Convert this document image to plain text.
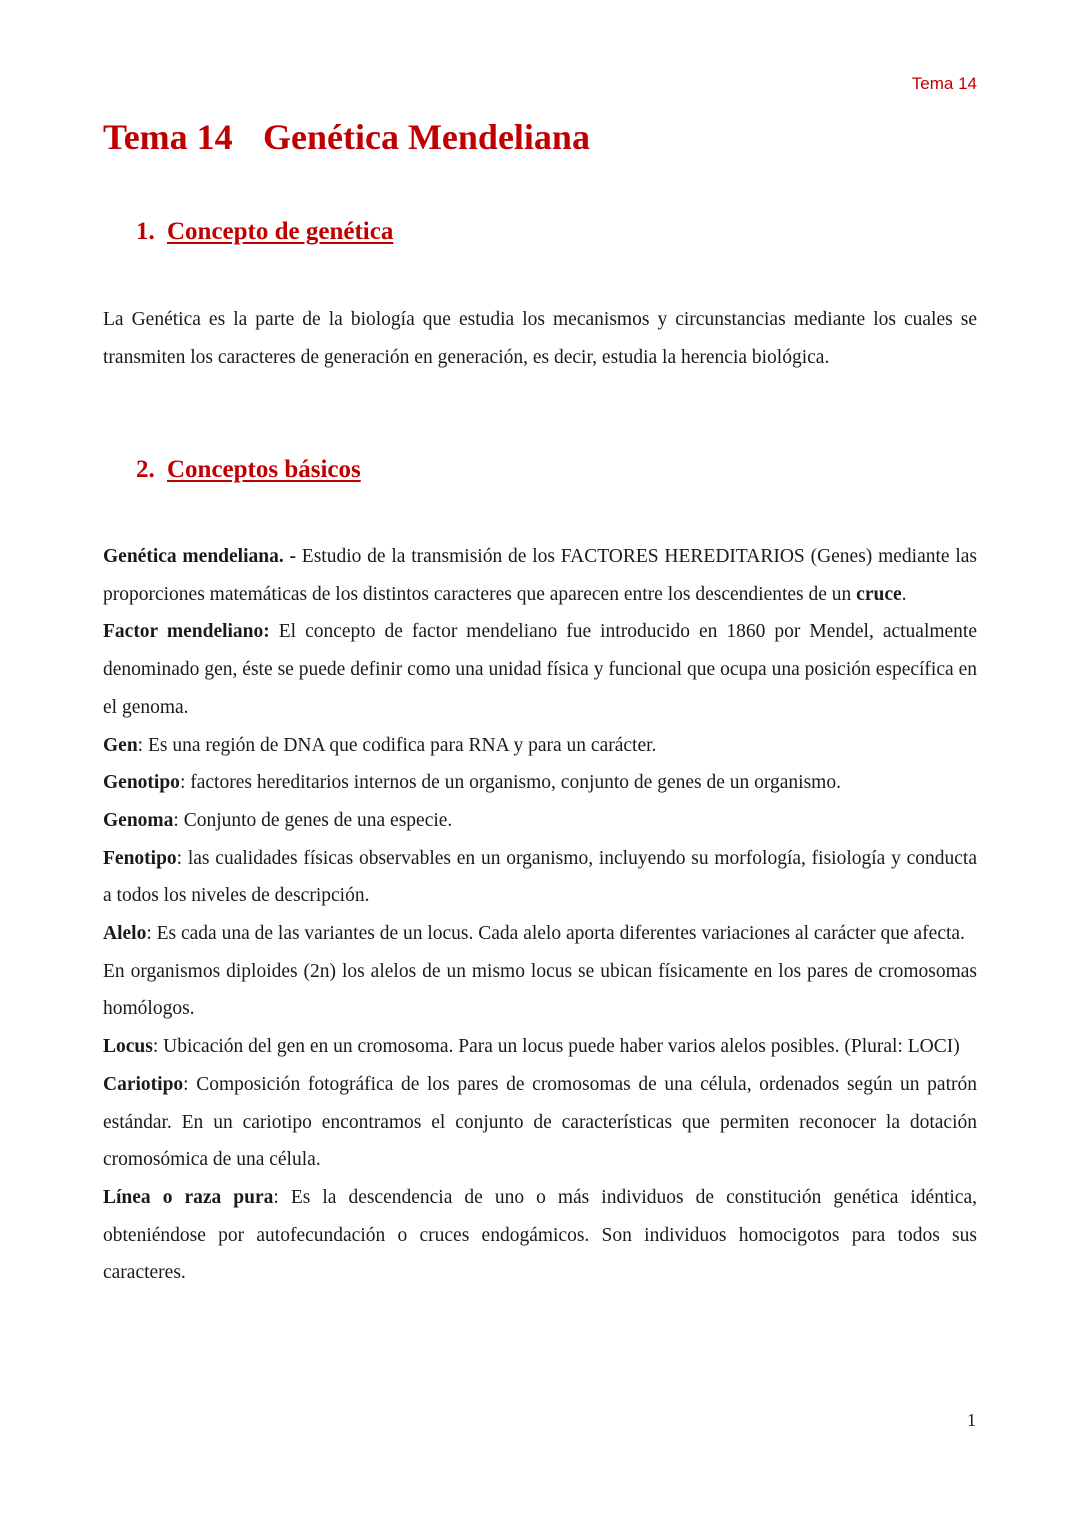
Tema 14
Tema 14 Genética Mendeliana
1. Concepto de genética

La Genética es la parte de la biología que estudia los mecanismos y circunstancias mediante los cuales se transmiten los caracteres de generación en generación, es decir, estudia la herencia biológica.

2. Conceptos básicos

Genética mendeliana. - Estudio de la transmisión de los FACTORES HEREDITARIOS (Genes) mediante las proporciones matemáticas de los distintos caracteres que aparecen entre los descendientes de un cruce.

Factor mendeliano: El concepto de factor mendeliano fue introducido en 1860 por Mendel, actualmente denominado gen, éste se puede definir como una unidad física y funcional que ocupa una posición específica en el genoma.

Gen: Es una región de DNA que codifica para RNA y para un carácter.

Genotipo: factores hereditarios internos de un organismo, conjunto de genes de un organismo.

Genoma: Conjunto de genes de una especie.

Fenotipo: las cualidades físicas observables en un organismo, incluyendo su morfología, fisiología y conducta a todos los niveles de descripción.

Alelo: Es cada una de las variantes de un locus. Cada alelo aporta diferentes variaciones al carácter que afecta.

En organismos diploides (2n) los alelos de un mismo locus se ubican físicamente en los pares de cromosomas homólogos.

Locus: Ubicación del gen en un cromosoma. Para un locus puede haber varios alelos posibles. (Plural: LOCI)

Cariotipo: Composición fotográfica de los pares de cromosomas de una célula, ordenados según un patrón estándar. En un cariotipo encontramos el conjunto de características que permiten reconocer la dotación cromosómica de una célula.

Línea o raza pura: Es la descendencia de uno o más individuos de constitución genética idéntica, obteniéndose por autofecundación o cruces endogámicos. Son individuos homocigotos para todos sus caracteres.

1
